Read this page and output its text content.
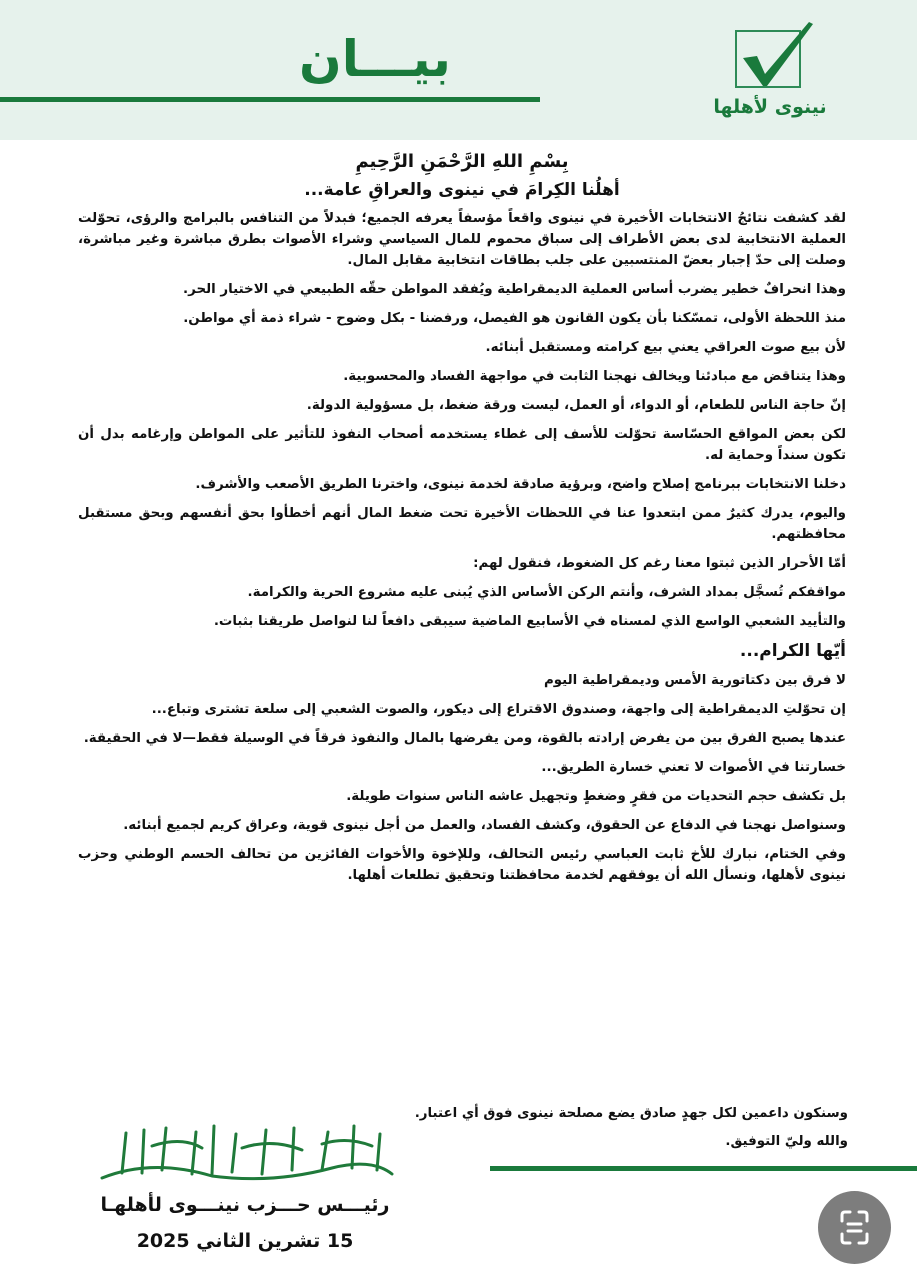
بيـــان
نينوى لأهلها
بِسْمِ اللهِ الرَّحْمَنِ الرَّحِيمِ
أهلُنا الكِرامَ في نينوى والعراقِ عامة...

لقد كشفت نتائجُ الانتخابات الأخيرة في نينوى واقعاً مؤسفاً يعرفه الجميع؛ فبدلاً من التنافس بالبرامج والرؤى، تحوّلت العملية الانتخابية لدى بعض الأطراف إلى سباق محموم للمال السياسي وشراء الأصوات بطرق مباشرة وغير مباشرة، وصلت إلى حدّ إجبار بعضّ المنتسبين على جلب بطاقات انتخابية مقابل المال.

وهذا انحرافٌ خطير يضرب أساس العملية الديمقراطية ويُفقد المواطن حقّه الطبيعي في الاختيار الحر.

منذ اللحظة الأولى، تمسّكنا بأن يكون القانون هو الفيصل، ورفضنا - بكل وضوح - شراء ذمة أي مواطن.

لأن بيع صوت العراقي يعني بيع كرامته ومستقبل أبنائه.

وهذا يتناقض مع مبادئنا ويخالف نهجنا الثابت في مواجهة الفساد والمحسوبية.

إنّ حاجة الناس للطعام، أو الدواء، أو العمل، ليست ورقة ضغط، بل مسؤولية الدولة.

لكن بعض المواقع الحسّاسة تحوّلت للأسف إلى غطاء يستخدمه أصحاب النفوذ للتأثير على المواطن وإرغامه بدل أن تكون سنداً وحماية له.

دخلنا الانتخابات ببرنامج إصلاح واضح، وبرؤية صادقة لخدمة نينوى، واخترنا الطريق الأصعب والأشرف.

واليوم، يدرك كثيرٌ ممن ابتعدوا عنا في اللحظات الأخيرة تحت ضغط المال أنهم أخطأوا بحق أنفسهم وبحق مستقبل محافظتهم.

أمّا الأحرار الذين ثبتوا معنا رغم كل الضغوط، فنقول لهم:

مواقفكم تُسجَّل بمداد الشرف، وأنتم الركن الأساس الذي يُبنى عليه مشروع الحرية والكرامة.

والتأييد الشعبي الواسع الذي لمسناه في الأسابيع الماضية سيبقى دافعاً لنا لنواصل طريقنا بثبات.

أيّها الكرام...

لا فرق بين دكتاتورية الأمس وديمقراطية اليوم

إن تحوّلتِ الديمقراطية إلى واجهة، وصندوق الاقتراع إلى ديكور، والصوت الشعبي إلى سلعة تشترى وتباع...

عندها يصبح الفرق بين من يفرض إرادته بالقوة، ومن يفرضها بالمال والنفوذ فرقاً في الوسيلة فقط—لا في الحقيقة.

خسارتنا في الأصوات لا تعني خسارة الطريق...

بل تكشف حجم التحديات من فقرٍ وضغطٍ وتجهيل عاشه الناس سنوات طويلة.

وسنواصل نهجنا في الدفاع عن الحقوق، وكشف الفساد، والعمل من أجل نينوى قوية، وعراق كريم لجميع أبنائه.

وفي الختام، نبارك للأخ ثابت العباسي رئيس التحالف، وللإخوة والأخوات الفائزين من تحالف الحسم الوطني وحزب نينوى لأهلها، ونسأل الله أن يوفقهم لخدمة محافظتنا وتحقيق تطلعات أهلها.

وسنكون داعمين لكل جهدٍ صادق يضع مصلحة نينوى فوق أي اعتبار.

والله وليّ التوفيق.

رئيـــس حـــزب نينـــوى لأهلهـا
15 تشرين الثاني 2025
